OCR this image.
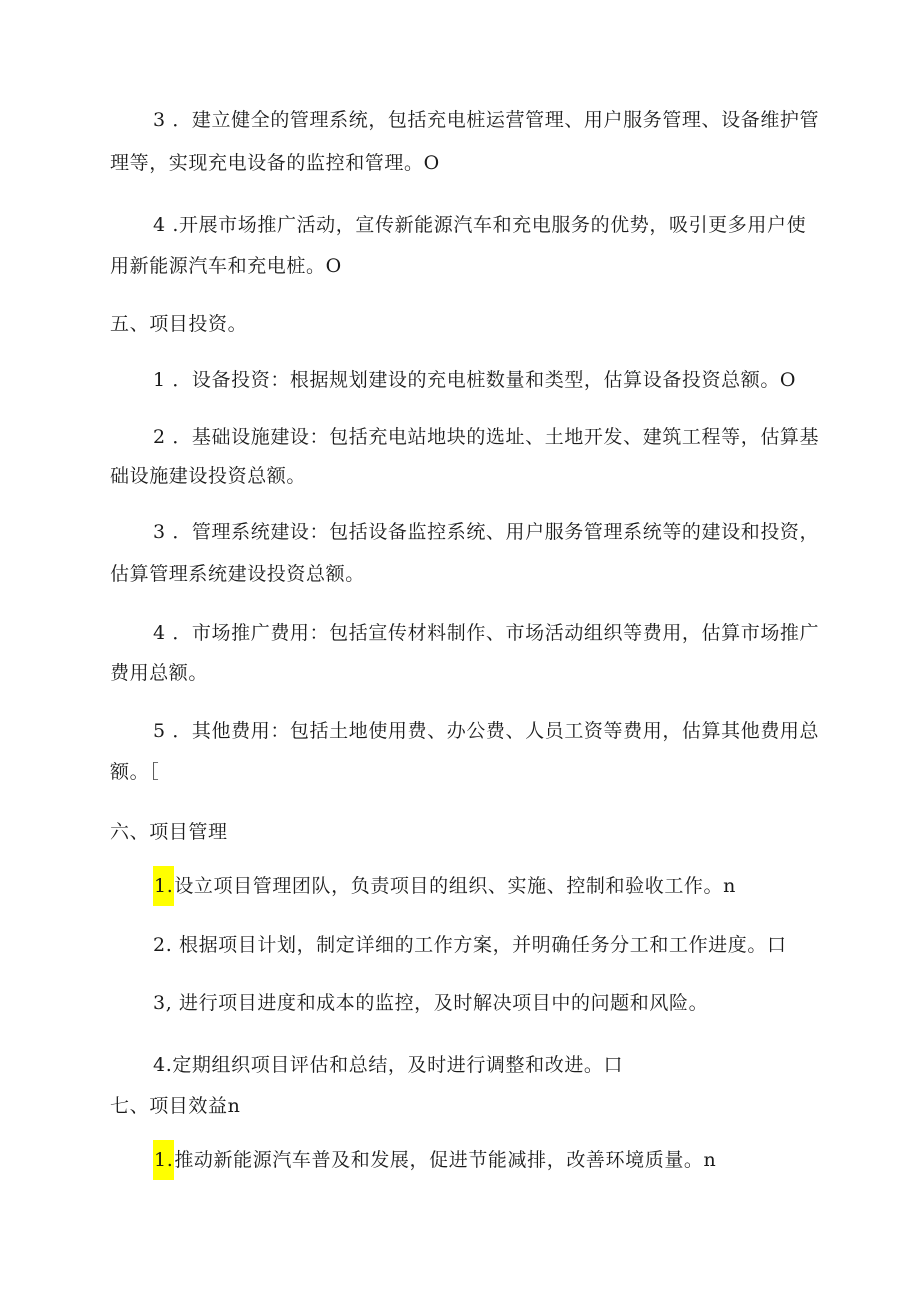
3 ．建立健全的管理系统，包括充电桩运营管理、用户服务管理、设备维护管
理等，实现充电设备的监控和管理。O
4 .开展市场推广活动，宣传新能源汽车和充电服务的优势，吸引更多用户使
用新能源汽车和充电桩。O
五、项目投资。
1 ．设备投资：根据规划建设的充电桩数量和类型，估算设备投资总额。O
2 ．基础设施建设：包括充电站地块的选址、土地开发、建筑工程等，估算基
础设施建设投资总额。
3 ．管理系统建设：包括设备监控系统、用户服务管理系统等的建设和投资，
估算管理系统建设投资总额。
4 ．市场推广费用：包括宣传材料制作、市场活动组织等费用，估算市场推广
费用总额。
5 ．其他费用：包括土地使用费、办公费、人员工资等费用，估算其他费用总
额。［
六、项目管理
1.设立项目管理团队，负责项目的组织、实施、控制和验收工作。n
2. 根据项目计划，制定详细的工作方案，并明确任务分工和工作进度。口
3, 进行项目进度和成本的监控，及时解决项目中的问题和风险。
4.定期组织项目评估和总结，及时进行调整和改进。口
七、项目效益n
1.推动新能源汽车普及和发展，促进节能减排，改善环境质量。n
